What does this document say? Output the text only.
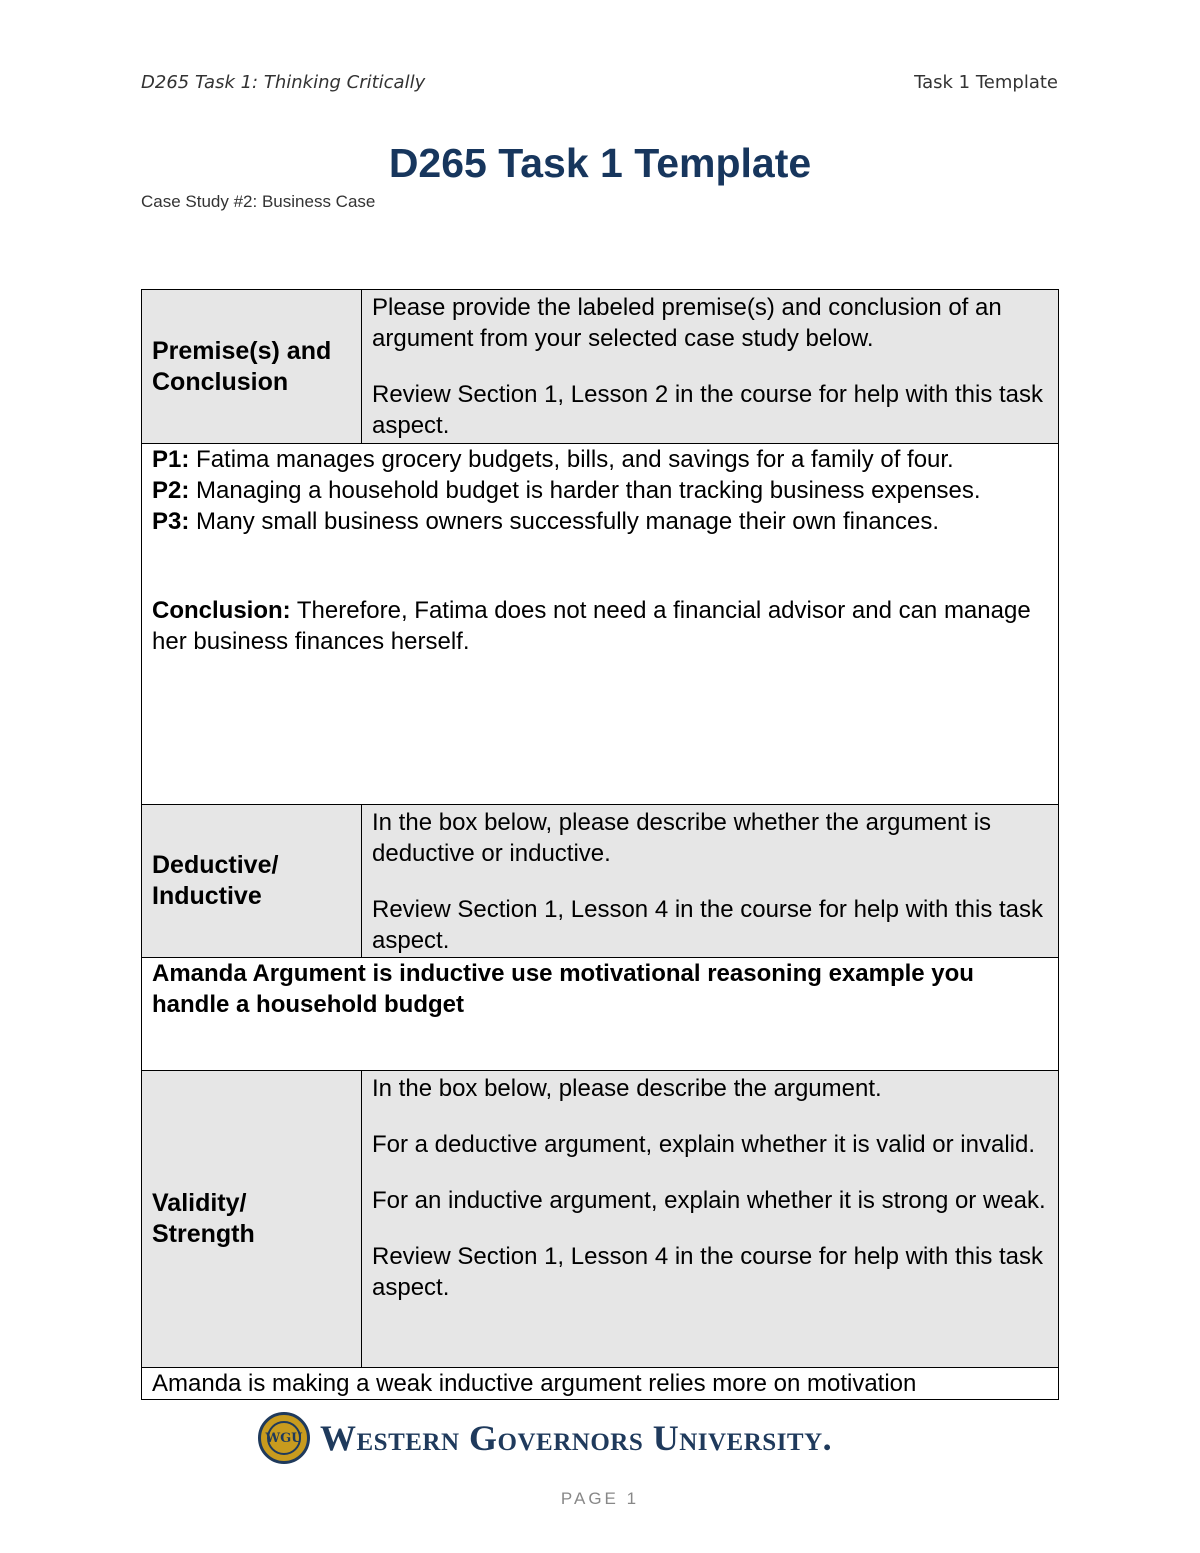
D265 Task 1: Thinking Critically	Task 1 Template
D265 Task 1 Template
Case Study #2: Business Case
Premise(s) and Conclusion	Please provide the labeled premise(s) and conclusion of an argument from your selected case study below.

Review Section 1, Lesson 2 in the course for help with this task aspect.

P1: Fatima manages grocery budgets, bills, and savings for a family of four.

P2: Managing a household budget is harder than tracking business expenses.

P3: Many small business owners successfully manage their own finances.

Conclusion: Therefore, Fatima does not need a financial advisor and can manage her business finances herself.	

Deductive/ Inductive	In the box below, please describe whether the argument is deductive or inductive.

Review Section 1, Lesson 4 in the course for help with this task aspect.

Amanda Argument is inductive use motivational reasoning example you handle a household budget	
Validity/ Strength	In the box below, please describe the argument.

For a deductive argument, explain whether it is valid or invalid.

For an inductive argument, explain whether it is strong or weak.

Review Section 1, Lesson 4 in the course for help with this task aspect.

Amanda is making a weak inductive argument relies more on motivation	
WGU Western Governors University.
PAGE 1
